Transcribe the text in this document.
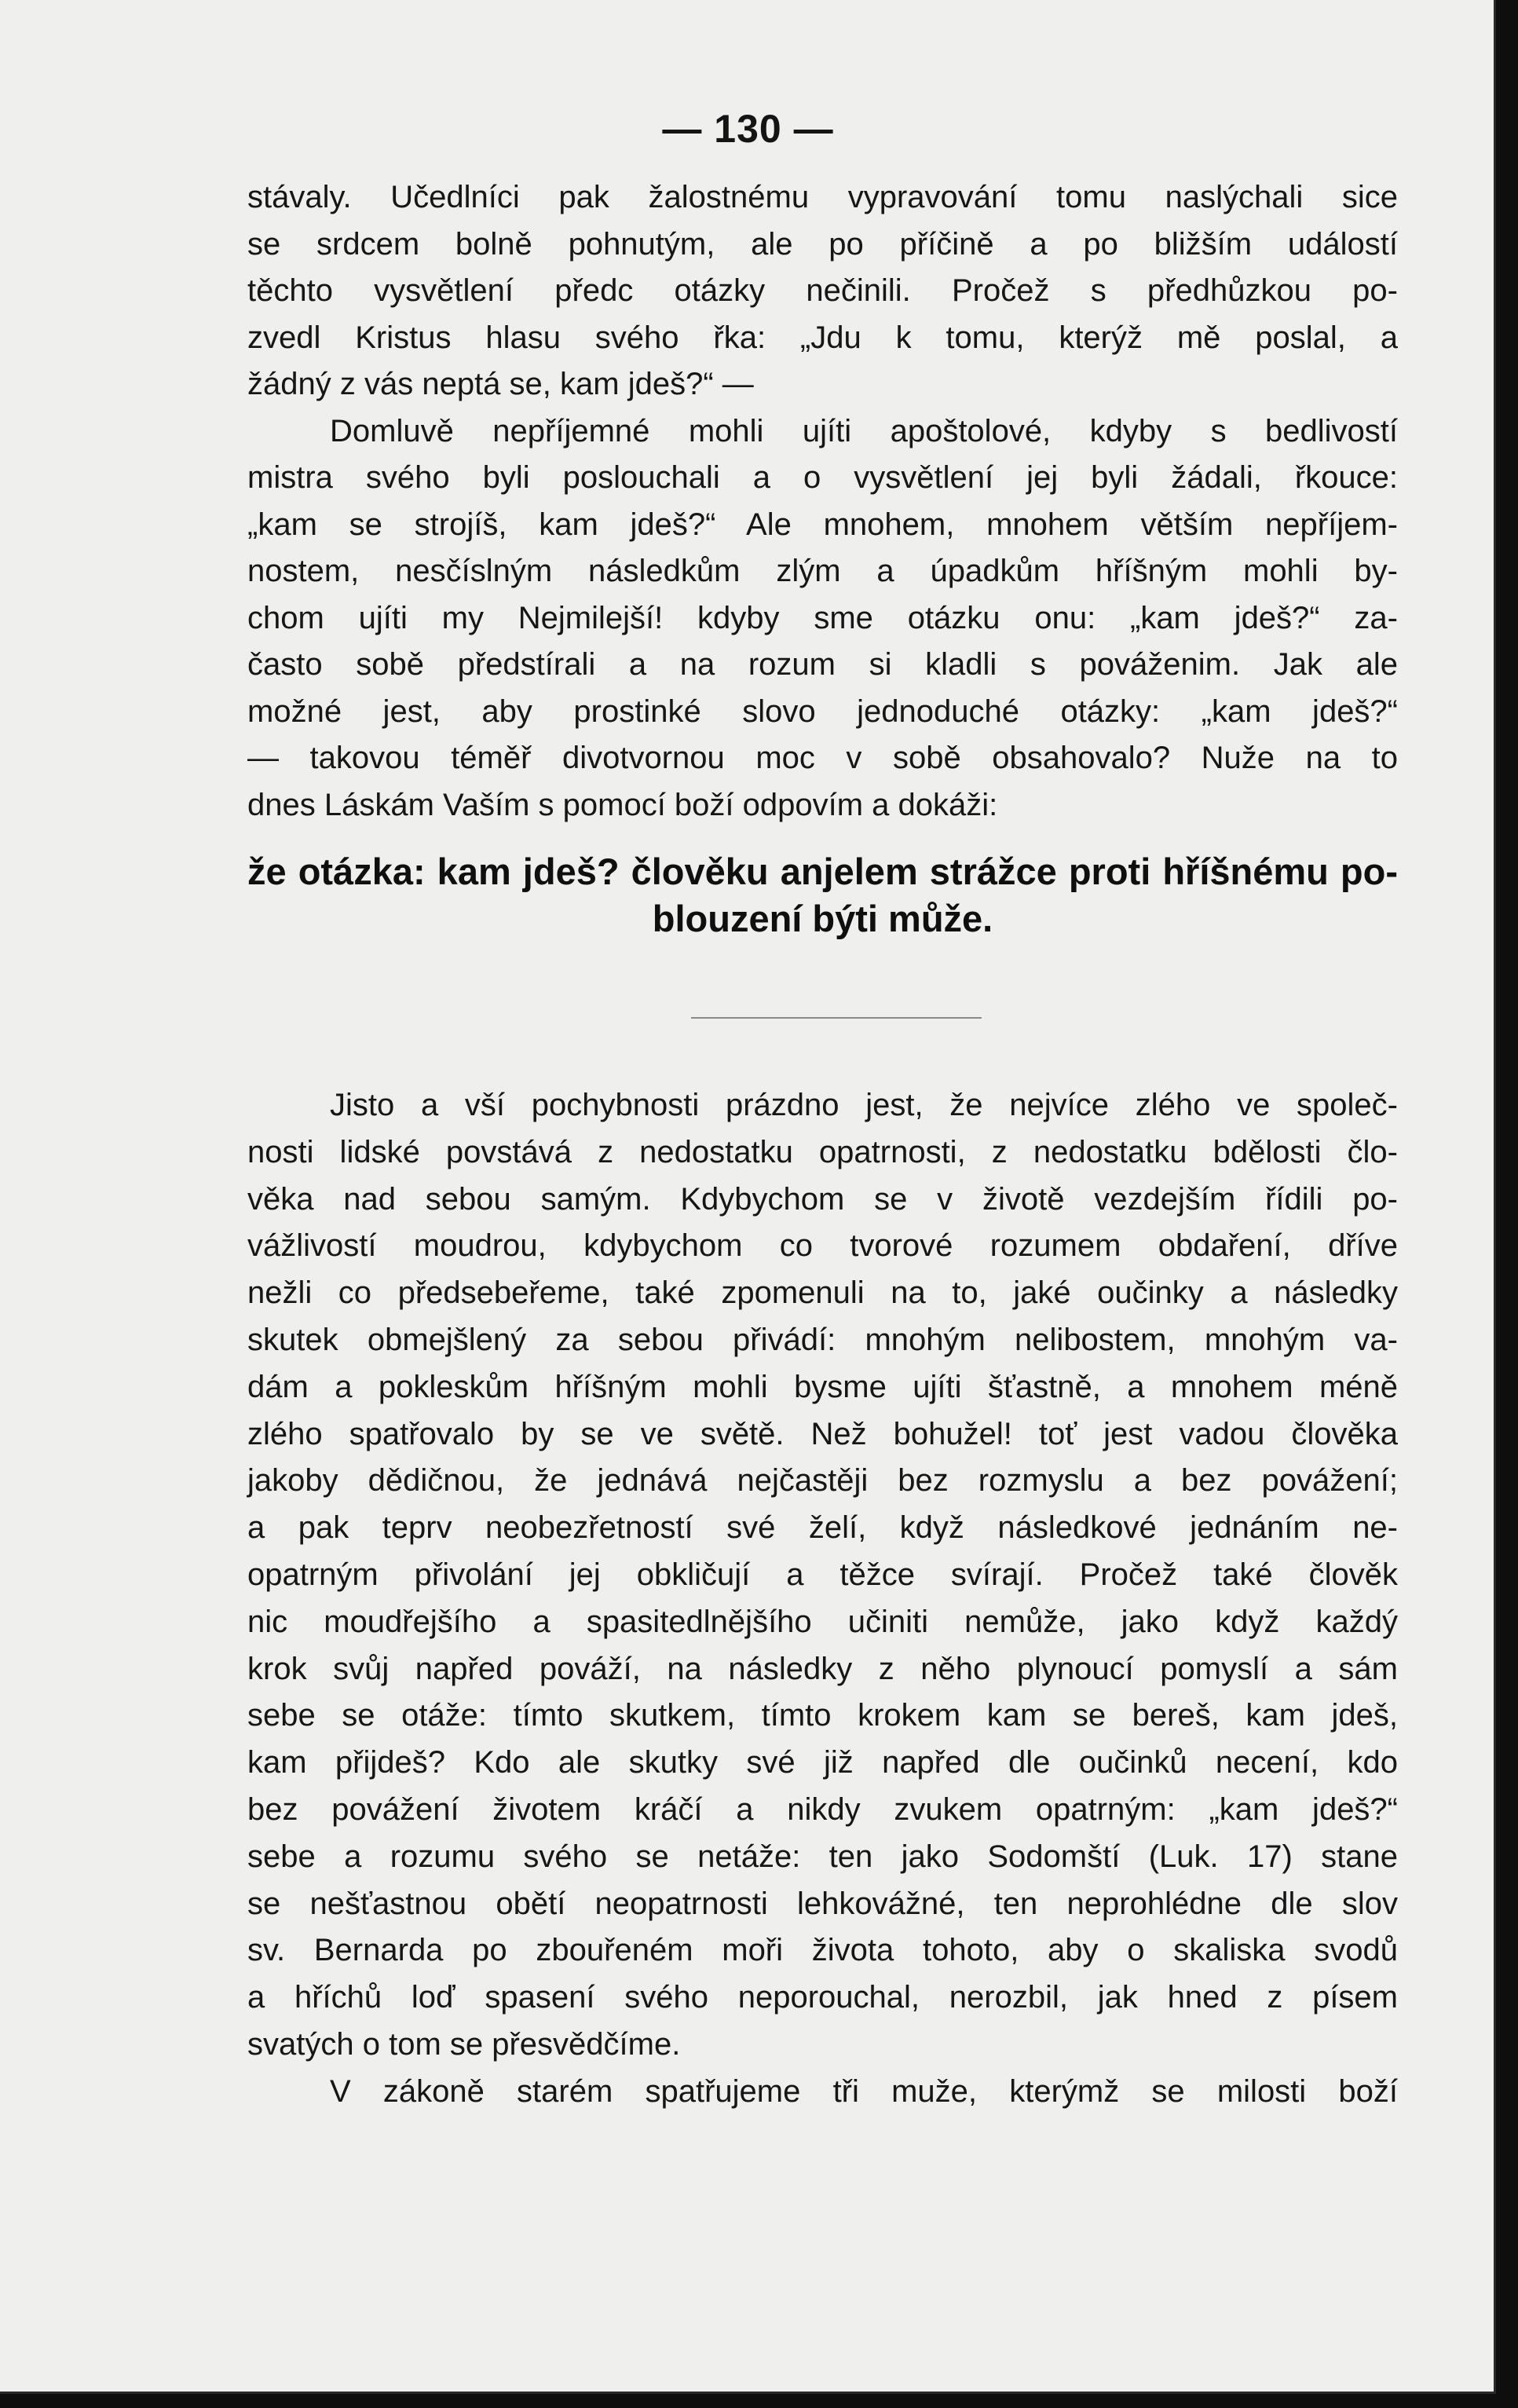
— 130 —
stávaly. Učedlníci pak žalostnému vypravování tomu naslýchali sice
se srdcem bolně pohnutým, ale po příčině a po bližším událostí
těchto vysvětlení předc otázky nečinili. Pročež s předhůzkou po-
zvedl Kristus hlasu svého řka: „Jdu k tomu, kterýž mě poslal, a
žádný z vás neptá se, kam jdeš?“ —
Domluvě nepříjemné mohli ujíti apoštolové, kdyby s bedlivostí
mistra svého byli poslouchali a o vysvětlení jej byli žádali, řkouce:
„kam se strojíš, kam jdeš?“ Ale mnohem, mnohem větším nepříjem-
nostem, nesčíslným následkům zlým a úpadkům hříšným mohli by-
chom ujíti my Nejmilejší! kdyby sme otázku onu: „kam jdeš?“ za-
často sobě předstírali a na rozum si kladli s pováženim. Jak ale
možné jest, aby prostinké slovo jednoduché otázky: „kam jdeš?“
— takovou téměř divotvornou moc v sobě obsahovalo? Nuže na to
dnes Láskám Vaším s pomocí boží odpovím a dokáži:
že otázka: kam jdeš? člověku anjelem strážce proti hříšnému po-
blouzení býti může.
Jisto a vší pochybnosti prázdno jest, že nejvíce zlého ve společ-
nosti lidské povstává z nedostatku opatrnosti, z nedostatku bdělosti člo-
věka nad sebou samým. Kdybychom se v životě vezdejším řídili po-
vážlivostí moudrou, kdybychom co tvorové rozumem obdaření, dříve
nežli co předsebeřeme, také zpomenuli na to, jaké oučinky a následky
skutek obmejšlený za sebou přivádí: mnohým nelibostem, mnohým va-
dám a pokleskům hříšným mohli bysme ujíti šťastně, a mnohem méně
zlého spatřovalo by se ve světě. Než bohužel! toť jest vadou člověka
jakoby dědičnou, že jednává nejčastěji bez rozmyslu a bez povážení;
a pak teprv neobezřetností své želí, když následkové jednáním ne-
opatrným přivolání jej obkličují a těžce svírají. Pročež také člověk
nic moudřejšího a spasitedlnějšího učiniti nemůže, jako když každý
krok svůj napřed pováží, na následky z něho plynoucí pomyslí a sám
sebe se otáže: tímto skutkem, tímto krokem kam se bereš, kam jdeš,
kam přijdeš? Kdo ale skutky své již napřed dle oučinků necení, kdo
bez povážení životem kráčí a nikdy zvukem opatrným: „kam jdeš?“
sebe a rozumu svého se netáže: ten jako Sodomští (Luk. 17) stane
se nešťastnou obětí neopatrnosti lehkovážné, ten neprohlédne dle slov
sv. Bernarda po zbouřeném moři života tohoto, aby o skaliska svodů
a hříchů loď spasení svého neporouchal, nerozbil, jak hned z písem
svatých o tom se přesvědčíme.
V zákoně starém spatřujeme tři muže, kterýmž se milosti boží
